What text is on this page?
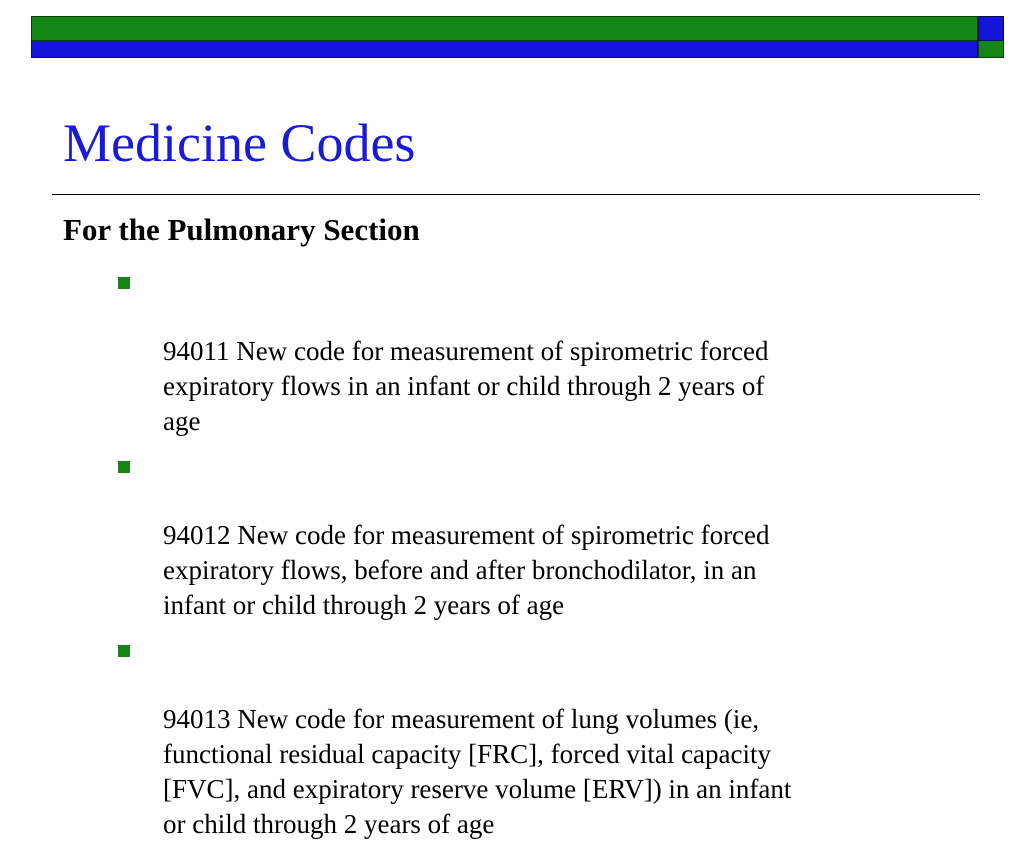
Medicine Codes
For the Pulmonary Section

94011 New code for measurement of spirometric forced
expiratory flows in an infant or child through 2 years of
age

94012 New code for measurement of spirometric forced
expiratory flows, before and after bronchodilator, in an
infant or child through 2 years of age

94013 New code for measurement of lung volumes (ie,
functional residual capacity [FRC], forced vital capacity
[FVC], and expiratory reserve volume [ERV]) in an infant
or child through 2 years of age
